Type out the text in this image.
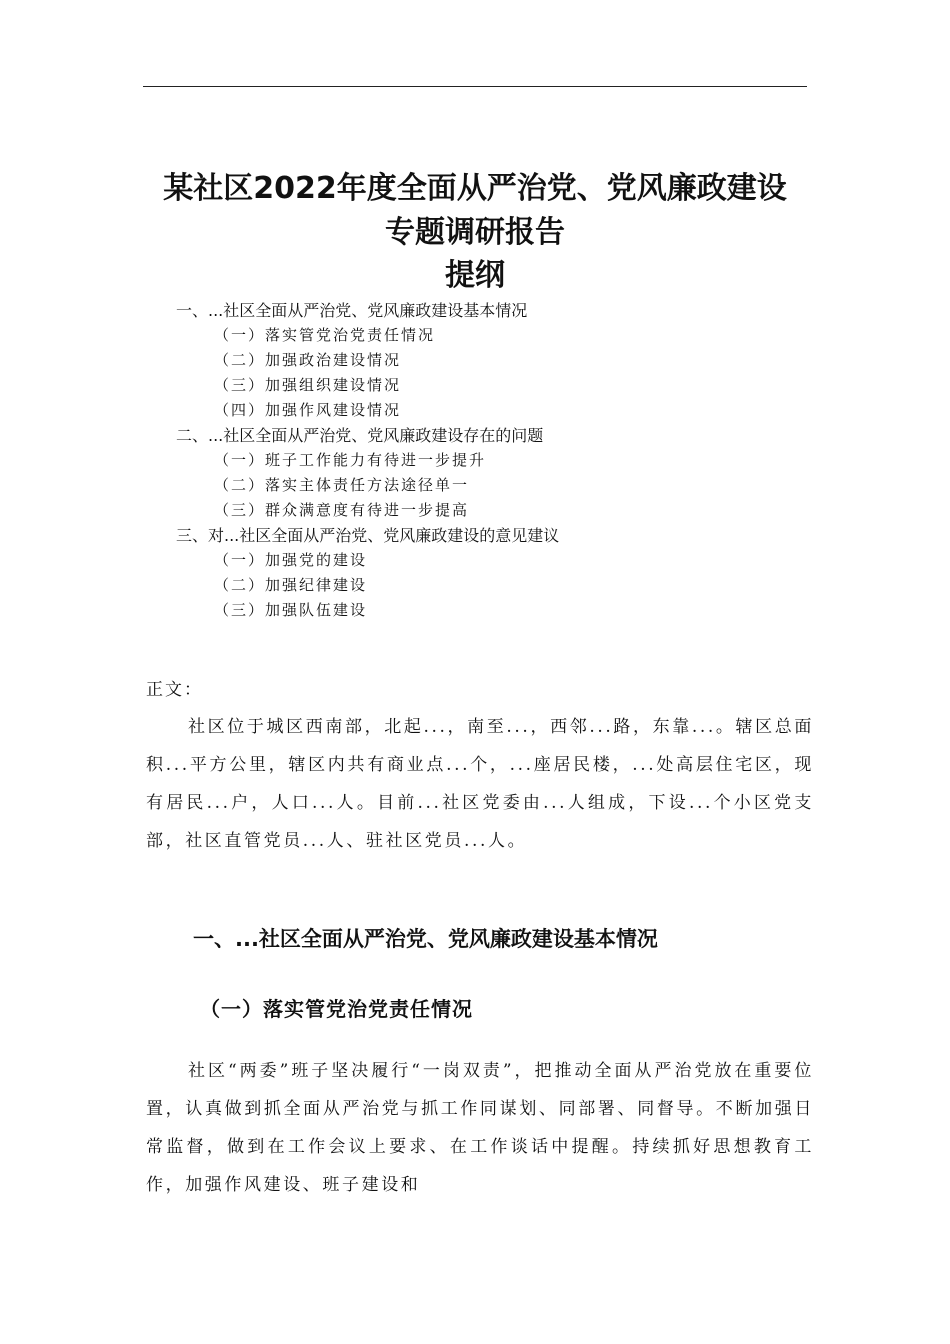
某社区2022年度全面从严治党、党风廉政建设
专题调研报告
提纲
一、...社区全面从严治党、党风廉政建设基本情况
（一）落实管党治党责任情况
（二）加强政治建设情况
（三）加强组织建设情况
（四）加强作风建设情况
二、...社区全面从严治党、党风廉政建设存在的问题
（一）班子工作能力有待进一步提升
（二）落实主体责任方法途径单一
（三）群众满意度有待进一步提高
三、对...社区全面从严治党、党风廉政建设的意见建议
（一）加强党的建设
（二）加强纪律建设
（三）加强队伍建设

正文：

社区位于城区西南部，北起...，南至...，西邻...路，东靠...。辖区总面积...平方公里，辖区内共有商业点...个，...座居民楼，...处高层住宅区，现有居民...户，人口...人。目前...社区党委由...人组成，下设...个小区党支部，社区直管党员...人、驻社区党员...人。

一、...社区全面从严治党、党风廉政建设基本情况
（一）落实管党治党责任情况

社区“两委”班子坚决履行“一岗双责”，把推动全面从严治党放在重要位置，认真做到抓全面从严治党与抓工作同谋划、同部署、同督导。不断加强日常监督，做到在工作会议上要求、在工作谈话中提醒。持续抓好思想教育工作，加强作风建设、班子建设和
